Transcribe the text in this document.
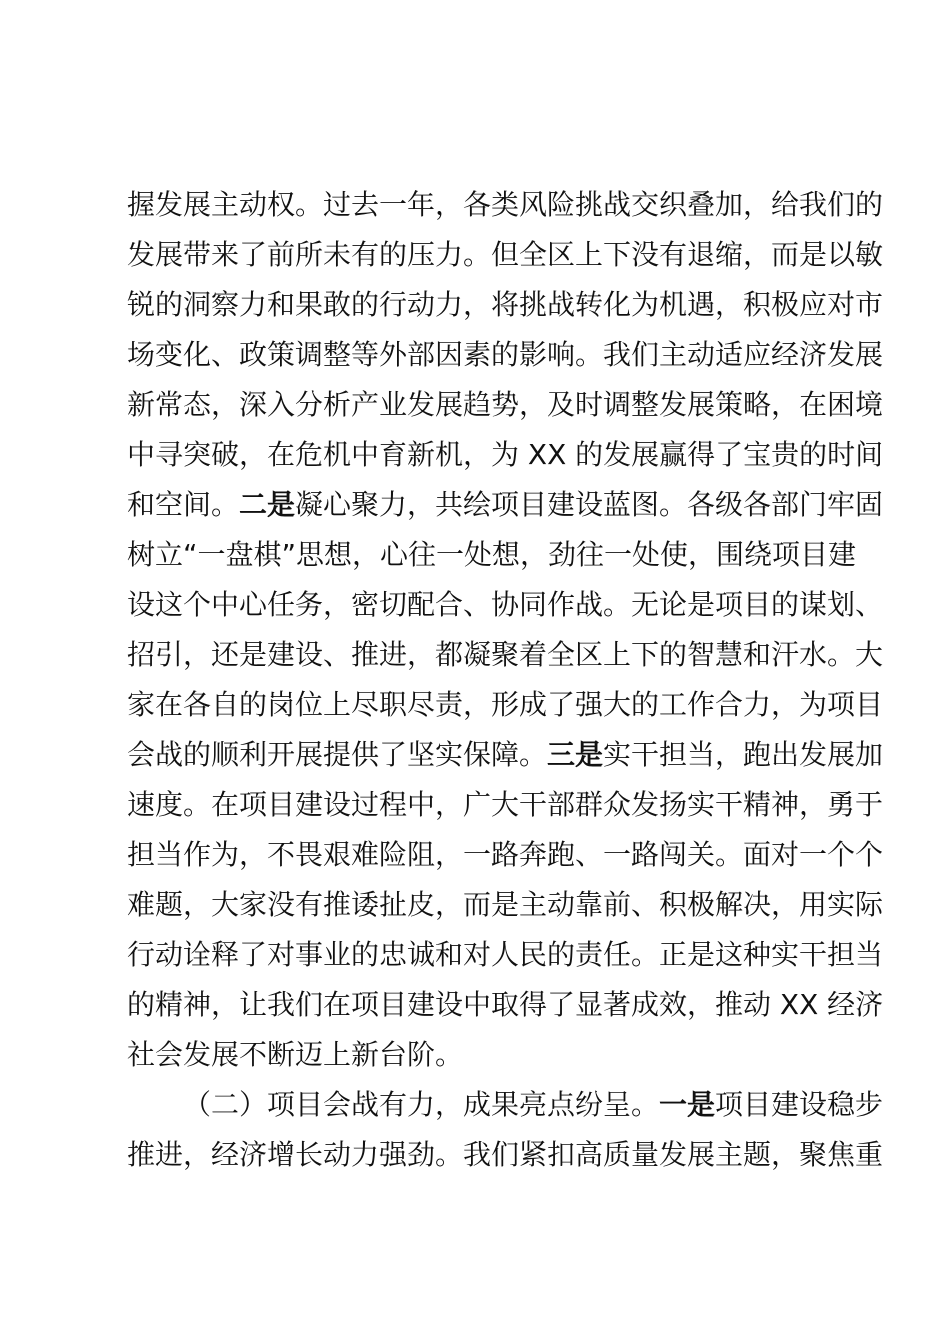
握发展主动权。过去一年，各类风险挑战交织叠加，给我们的
发展带来了前所未有的压力。但全区上下没有退缩，而是以敏
锐的洞察力和果敢的行动力，将挑战转化为机遇，积极应对市
场变化、政策调整等外部因素的影响。我们主动适应经济发展
新常态，深入分析产业发展趋势，及时调整发展策略，在困境
中寻突破，在危机中育新机，为 XX 的发展赢得了宝贵的时间
和空间。二是凝心聚力，共绘项目建设蓝图。各级各部门牢固
树立“一盘棋”思想，心往一处想，劲往一处使，围绕项目建
设这个中心任务，密切配合、协同作战。无论是项目的谋划、
招引，还是建设、推进，都凝聚着全区上下的智慧和汗水。大
家在各自的岗位上尽职尽责，形成了强大的工作合力，为项目
会战的顺利开展提供了坚实保障。三是实干担当，跑出发展加
速度。在项目建设过程中，广大干部群众发扬实干精神，勇于
担当作为，不畏艰难险阻，一路奔跑、一路闯关。面对一个个
难题，大家没有推诿扯皮，而是主动靠前、积极解决，用实际
行动诠释了对事业的忠诚和对人民的责任。正是这种实干担当
的精神，让我们在项目建设中取得了显著成效，推动 XX 经济
社会发展不断迈上新台阶。
（二）项目会战有力，成果亮点纷呈。一是项目建设稳步
推进，经济增长动力强劲。我们紧扣高质量发展主题，聚焦重
